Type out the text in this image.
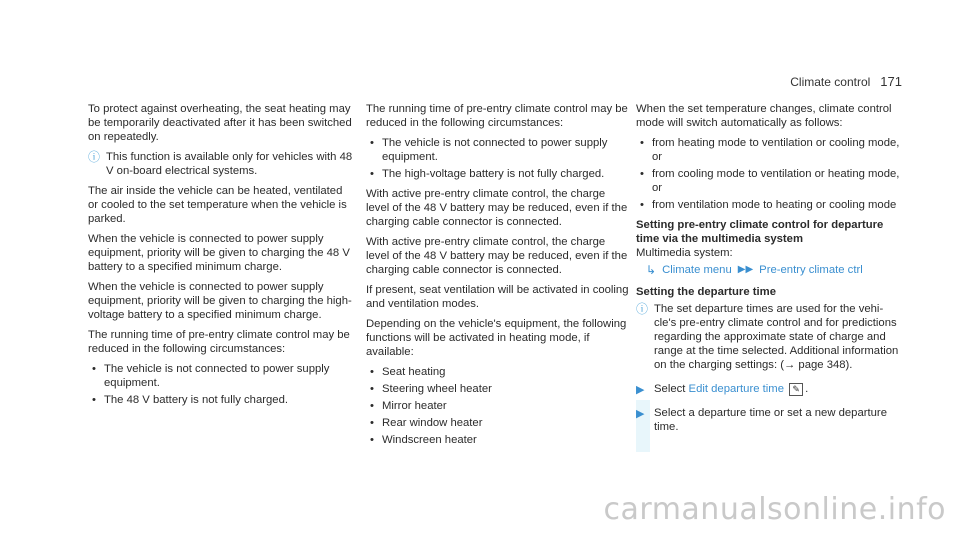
Climate control 171

To protect against overheating, the seat heating may be temporarily deactivated after it has been switched on repeatedly.

ⓘ This function is available only for vehicles with 48 V on-board electrical systems.

The air inside the vehicle can be heated, ventilated or cooled to the set temperature when the vehicle is parked.

When the vehicle is connected to power supply equipment, priority will be given to charging the 48 V battery to a specified minimum charge.

When the vehicle is connected to power supply equipment, priority will be given to charging the high-voltage battery to a specified minimum charge.

The running time of pre-entry climate control may be reduced in the following circumstances:

• The vehicle is not connected to power supply equipment.
• The 48 V battery is not fully charged.

The running time of pre-entry climate control may be reduced in the following circumstances:

• The vehicle is not connected to power supply equipment.
• The high-voltage battery is not fully charged.

With active pre-entry climate control, the charge level of the 48 V battery may be reduced, even if the charging cable connector is connected.

With active pre-entry climate control, the charge level of the 48 V battery may be reduced, even if the charging cable connector is connected.

If present, seat ventilation will be activated in cooling and ventilation modes.

Depending on the vehicle's equipment, the following functions will be activated in heating mode, if available:

• Seat heating
• Steering wheel heater
• Mirror heater
• Rear window heater
• Windscreen heater

When the set temperature changes, climate control mode will switch automatically as follows:

• from heating mode to ventilation or cooling mode, or
• from cooling mode to ventilation or heating mode, or
• from ventilation mode to heating or cooling mode

Setting pre-entry climate control for departure time via the multimedia system

Multimedia system:

↳ Climate menu ▶▶ Pre-entry climate ctrl

Setting the departure time

ⓘ The set departure times are used for the vehicle's pre-entry climate control and for predictions regarding the approximate state of charge and range at the time selected. Additional information on the charging settings: (→ page 348).
▶ Select Edit departure time ✎ .
▶ Select a departure time or set a new departure time.
carmanualsonline.info
